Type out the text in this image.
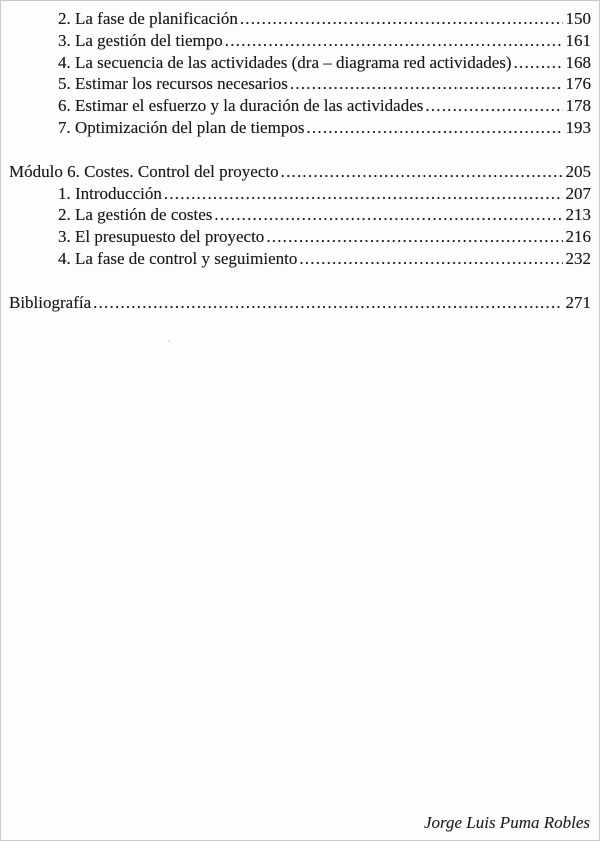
2. La fase de planificación .....	150
3. La gestión del tiempo .....	161
4. La secuencia de las actividades (dra – diagrama red actividades) .....	168
5. Estimar los recursos necesarios .....	176
6. Estimar el esfuerzo y la duración de las actividades .....	178
7. Optimización del plan de tiempos .....	193
Módulo 6. Costes. Control del proyecto .....	205
1. Introducción .....	207
2. La gestión de costes .....	213
3. El presupuesto del proyecto .....	216
4. La fase de control y seguimiento .....	232
Bibliografía .....	271
Jorge Luis Puma Robles
